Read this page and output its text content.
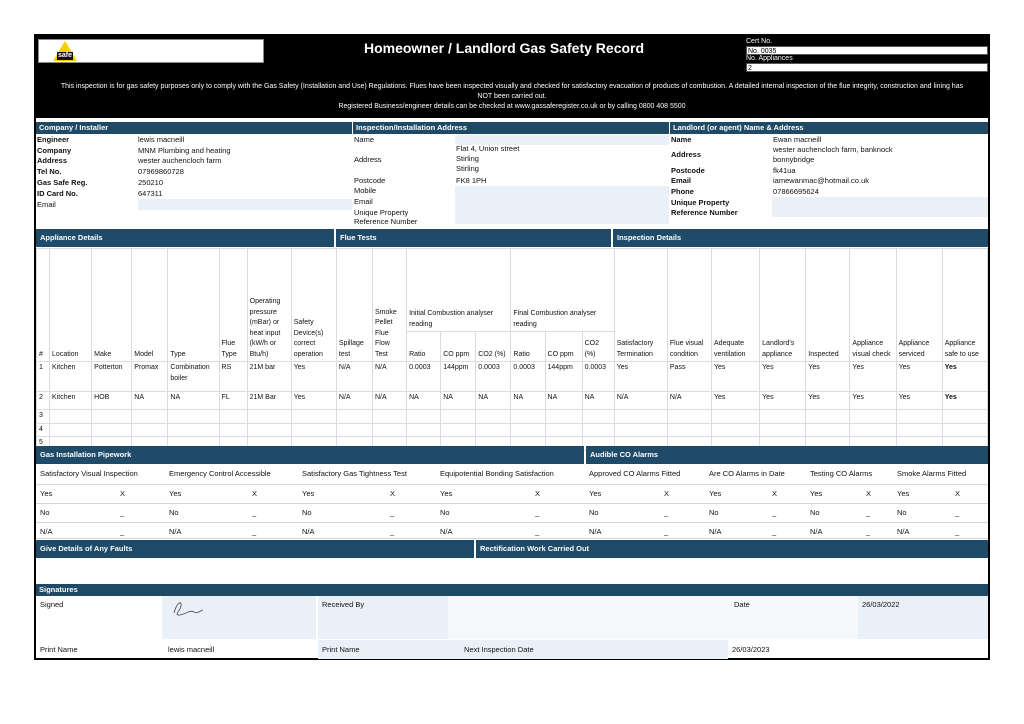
safe	Homeowner / Landlord Gas Safety Record	Cert No.
No. 0035
No. Appliances
2
This inspection is for gas safety purposes only to comply with the Gas Safety (Installation and Use) Regulations. Flues have been inspected visually and checked for satisfactory evacuation of products of combustion. A detailed internal inspection of the flue integrity, construction and lining has
NOT been carried out.
Registered Business/engineer details can be checked at www.gassaferegister.co.uk or by calling 0800 408 5500
Company / Installer	Inspection/Installation Address	Landlord (or agent) Name & Address
Engineer	lewis macneill
Company	MNM Plumbing and heating
Address	wester auchencloch farm
Tel No.	07969860728
Gas Safe Reg.	250210
ID Card No.	647311
Email
Name
Address
Flat 4, Union street
Stirling
Stirling
Postcode	FK8 1PH
Mobile
Email
Unique Property
Reference Number
Name	Ewan macneill
Address
wester auchencloch farm, banknock
bonnybridge
Postcode	fk41ua
Email	iamewanmac@hotmail.co.uk
Phone	07866695624
Unique Property
Reference Number
Appliance Details	Flue Tests	Inspection Details
#	Location	Make	Model	Type	Flue Type	Operating pressure (mBar) or heat input (kW/h or Btu/h)	Safety Device(s) correct operation	Spillage test	Smoke Pellet Flue Flow Test	Initial Combustion analyser reading			Final Combustion analyser reading			Satisfactory Termination	Flue visual condition	Adequate ventilation	Landlord's appliance	Inspected	Appliance visual check	Appliance serviced	Appliance safe to use
										Ratio	CO ppm	CO2 (%)	Ratio	CO ppm	CO2 (%)								
1	Kitchen	Potterton	Promax	Combination boiler	RS	21M bar	Yes	N/A	N/A	0.0003	144ppm	0.0003	0.0003	144ppm	0.0003	Yes	Pass	Yes	Yes	Yes	Yes	Yes	Yes
2	Kitchen	HOB	NA	NA	FL	21M Bar	Yes	N/A	N/A	NA	NA	NA	NA	NA	NA	N/A	N/A	Yes	Yes	Yes	Yes	Yes	Yes
3																							
4																							
5																							
Gas Installation Pipework	Audible CO Alarms
Satisfactory Visual Inspection
Yes	X
No	_
N/A	_
Emergency Control Accessible
Yes	X
No	_
N/A	_
Satisfactory Gas Tightness Test
Yes	X
No	_
N/A	_
Equipotential Bonding Satisfaction
Yes	X
No	_
N/A	_
Approved CO Alarms Fitted
Yes	X
No	_
N/A	_
Are CO Alarms in Date
Yes	X
No	_
N/A	_
Testing CO Alarms
Yes	X
No	_
N/A	_
Smoke Alarms Fitted
Yes	X
No	_
N/A	_
Give Details of Any Faults	Rectification Work Carried Out
Signatures
Signed	Received By	Date	26/03/2022
Print Name	lewis macneill	Print Name	Next Inspection Date	26/03/2023
